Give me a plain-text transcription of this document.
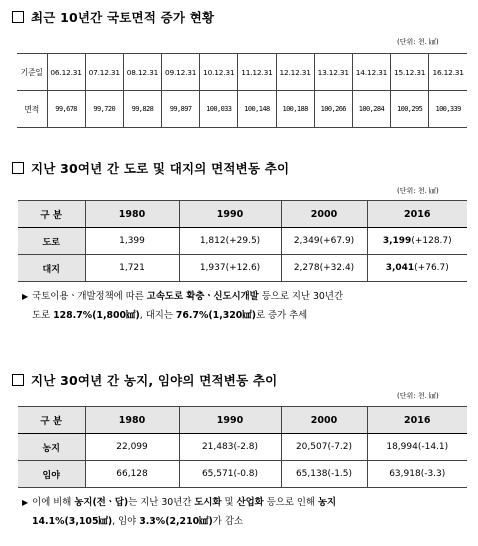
최근 10년간 국토면적 증가 현황
(단위: 천. ㎢)
기준일	06.12.31	07.12.31	08.12.31	09.12.31	10.12.31	11.12.31	12.12.31	13.12.31	14.12.31	15.12.31	16.12.31
면적	99,678	99,720	99,828	99,897	100,033	100,148	100,188	100,266	100,284	100,295	100,339
지난 30여년 간 도로 및 대지의 면적변동 추이
(단위: 천. ㎢)
구 분	1980	1990	2000	2016
도로	1,399	1,812(+29.5)	2,349(+67.9)	3,199(+128.7)
대지	1,721	1,937(+12.6)	2,278(+32.4)	3,041(+76.7)
▶ 국토이용ㆍ개발정책에 따른 고속도로 확충ㆍ신도시개발 등으로 지난 30년간
도로 128.7%(1,800㎢), 대지는 76.7%(1,320㎢)로 증가 추세
지난 30여년 간 농지, 임야의 면적변동 추이
(단위: 천. ㎢)
구 분	1980	1990	2000	2016
농지	22,099	21,483(-2.8)	20,507(-7.2)	18,994(-14.1)
임야	66,128	65,571(-0.8)	65,138(-1.5)	63,918(-3.3)
▶ 이에 비해 농지(전ㆍ답)는 지난 30년간 도시화 및 산업화 등으로 인해 농지
14.1%(3,105㎢), 임야 3.3%(2,210㎢)가 감소
